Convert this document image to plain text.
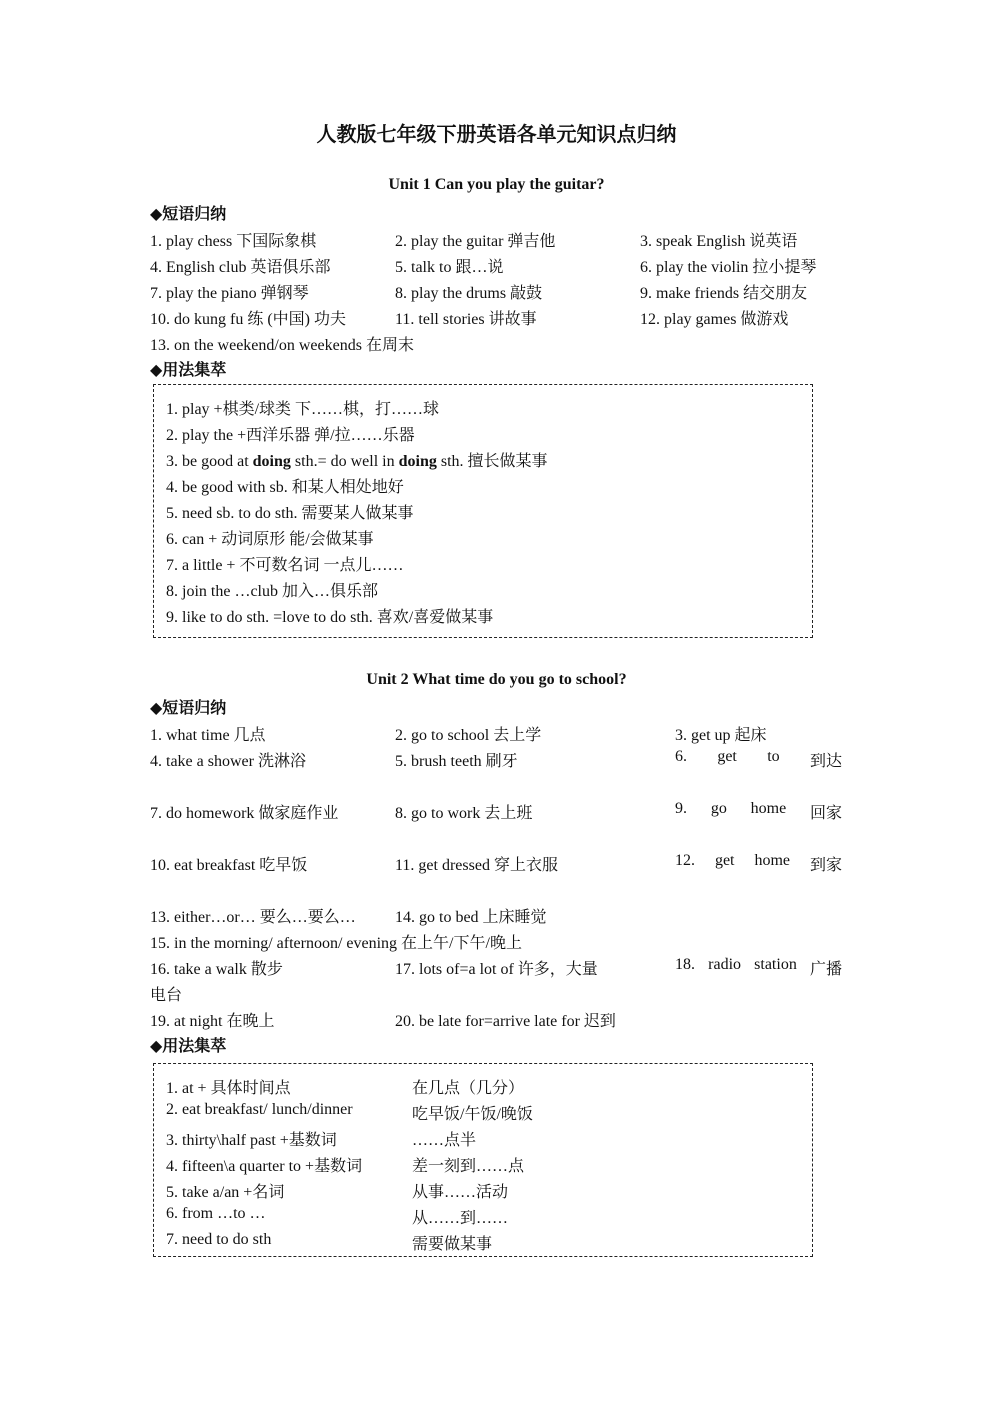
人教版七年级下册英语各单元知识点归纳
Unit 1 Can you play the guitar?
◆短语归纳
1. play chess 下国际象棋	2. play the guitar 弹吉他	3. speak English 说英语
4. English club 英语俱乐部	5. talk to 跟…说	6. play the violin 拉小提琴
7. play the piano 弹钢琴	8. play the drums 敲鼓	9. make friends 结交朋友
10. do kung fu 练 (中国) 功夫	11. tell stories 讲故事	12. play games 做游戏
13. on the weekend/on weekends 在周末
◆用法集萃
1. play +棋类/球类 下……棋，打……球
2. play the +西洋乐器 弹/拉……乐器
3. be good at doing sth.= do well in doing sth. 擅长做某事
4. be good with sb. 和某人相处地好
5. need sb. to do sth. 需要某人做某事
6. can + 动词原形 能/会做某事
7. a little + 不可数名词 一点儿……
8. join the …club 加入…俱乐部
9. like to do sth. =love to do sth. 喜欢/喜爱做某事
Unit 2 What time do you go to school?
◆短语归纳
1. what time 几点	2. go to school 去上学	3. get up 起床
4. take a shower 洗淋浴	5. brush teeth 刷牙	6. get to 到达
7. do homework 做家庭作业	8. go to work 去上班	9. go home 回家
10. eat breakfast 吃早饭	11. get dressed 穿上衣服	12. get home 到家
13. either…or… 要么…要么… 14. go to bed 上床睡觉
15. in the morning/ afternoon/ evening 在上午/下午/晚上
16. take a walk 散步	17. lots of=a lot of 许多，大量	18. radio station 广播
电台
19. at night 在晚上	20. be late for=arrive late for 迟到
◆用法集萃
1. at + 具体时间点	在几点（几分）
2. eat breakfast/ lunch/dinner	吃早饭/午饭/晚饭
3. thirty\half past +基数词	……点半
4. fifteen\a quarter to +基数词	差一刻到……点
5. take a/an +名词	从事……活动
6. from …to …	从……到……
7. need to do sth	需要做某事
